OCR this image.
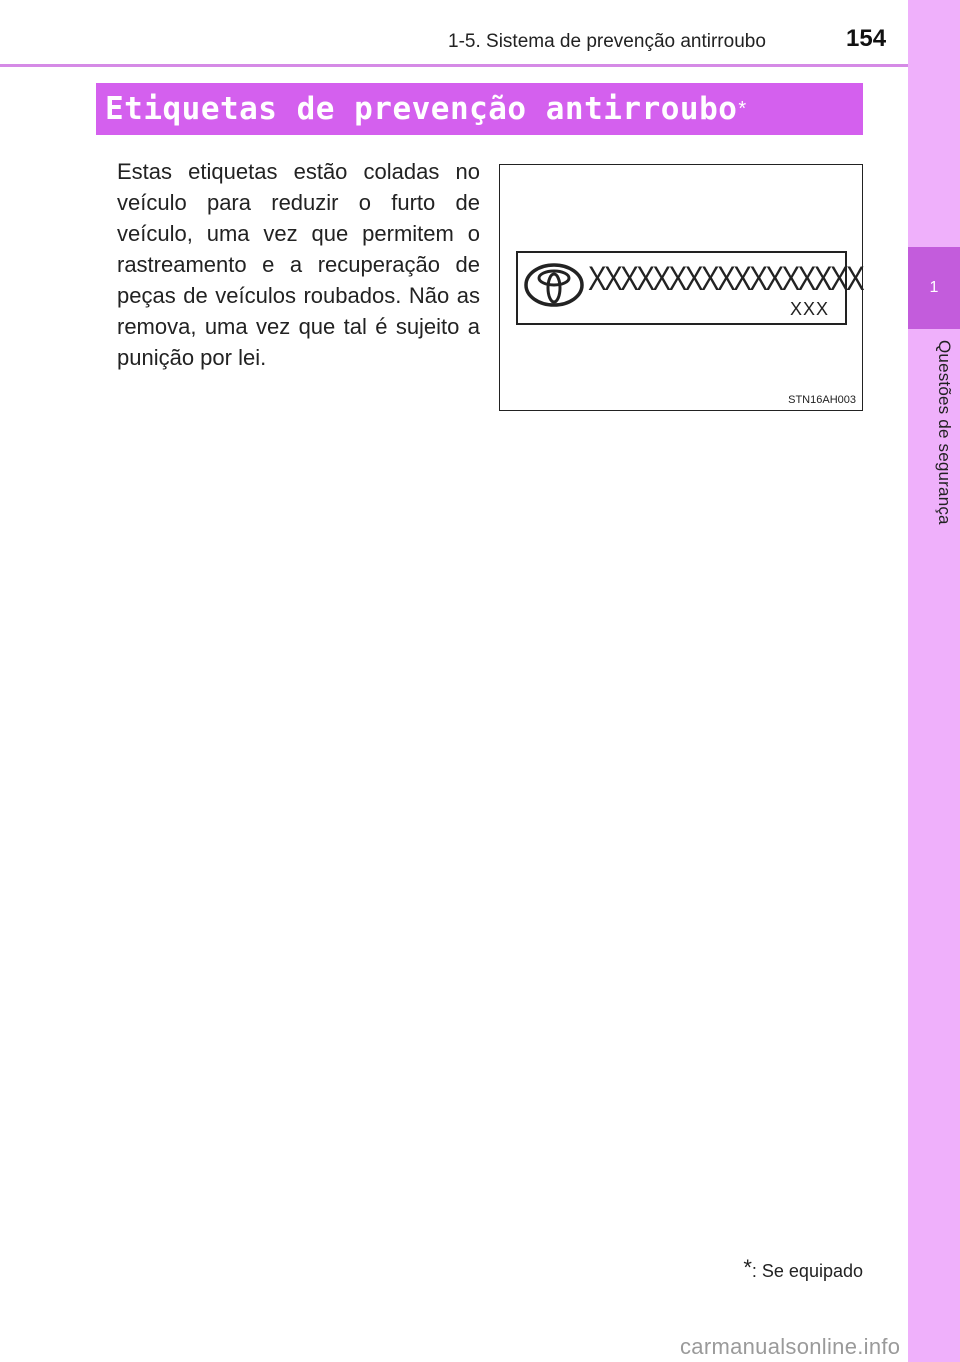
1
Questões de segurança
1-5. Sistema de prevenção antirroubo	154
Etiquetas de prevenção antirroubo *

Estas etiquetas estão coladas no veículo para reduzir o furto de veículo, uma vez que permitem o rastreamento e a recuperação de peças de veículos roubados. Não as remova, uma vez que tal é sujeito a punição por lei.

XXXXXXXXXXXXXXXXX
XXX
STN16AH003
*: Se equipado
carmanualsonline.info
